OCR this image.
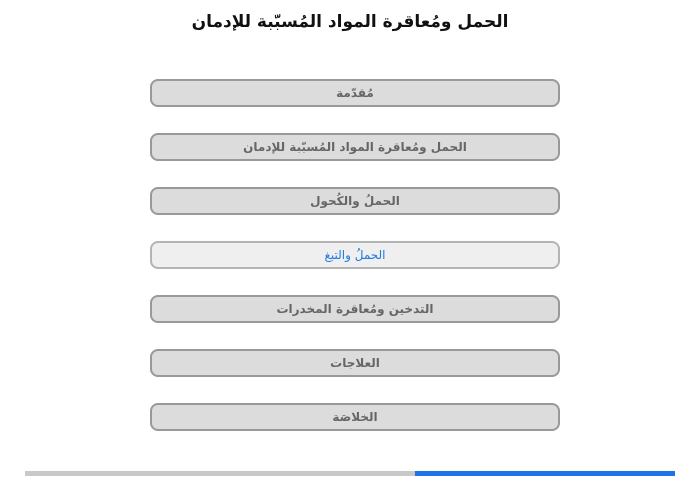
الحمل ومُعاقرة المواد المُسبّبة للإدمان
مُقدّمة
الحمل ومُعاقرة المواد المُسبّبة للإدمان
الحملُ والكُحول
الحملُ والتبغ
التدخين ومُعاقرة المخدرات
العلاجات
الخلاصَة
